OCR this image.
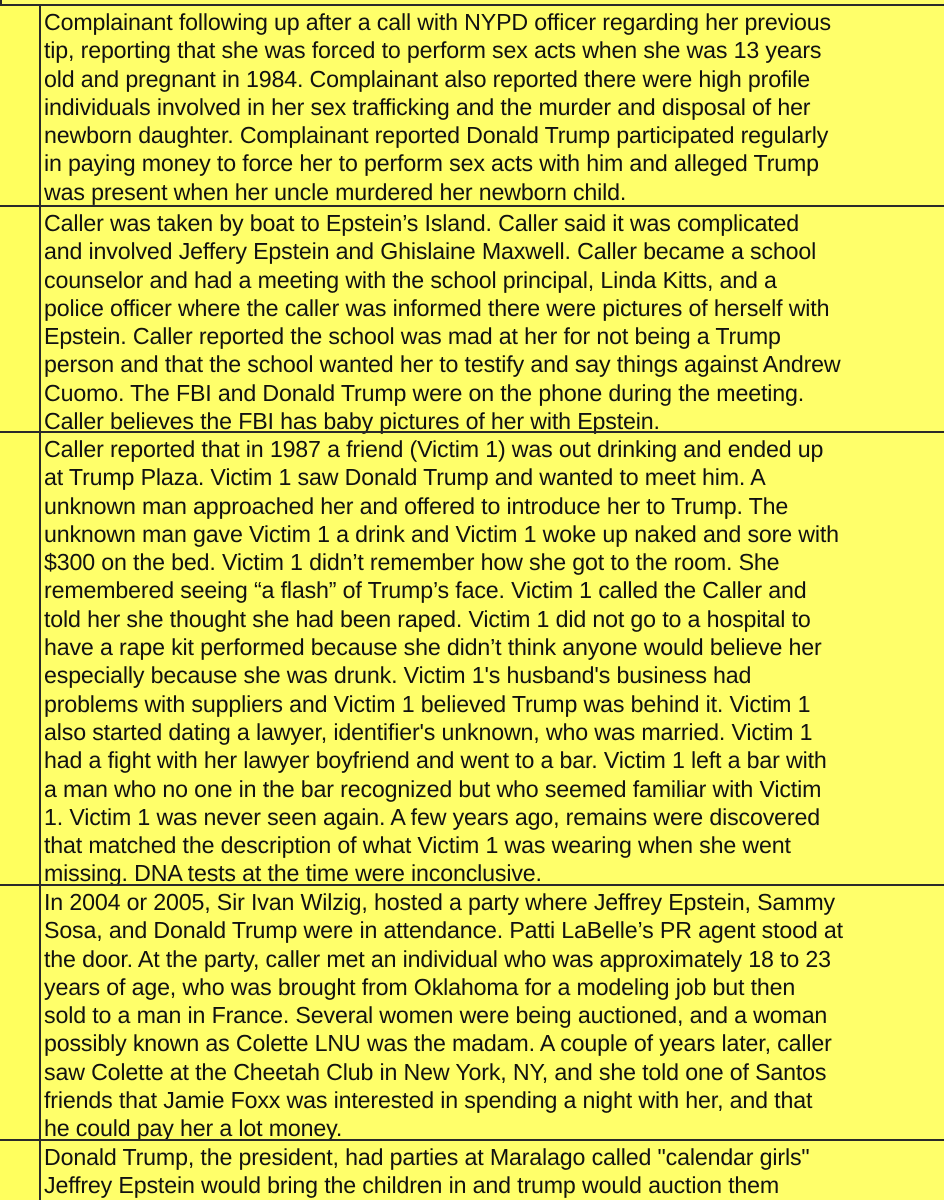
Complainant following up after a call with NYPD officer regarding her previous
tip, reporting that she was forced to perform sex acts when she was 13 years
old and pregnant in 1984. Complainant also reported there were high profile
individuals involved in her sex trafficking and the murder and disposal of her
newborn daughter. Complainant reported Donald Trump participated regularly
in paying money to force her to perform sex acts with him and alleged Trump
was present when her uncle murdered her newborn child.
Caller was taken by boat to Epstein’s Island. Caller said it was complicated
and involved Jeffery Epstein and Ghislaine Maxwell. Caller became a school
counselor and had a meeting with the school principal, Linda Kitts, and a
police officer where the caller was informed there were pictures of herself with
Epstein. Caller reported the school was mad at her for not being a Trump
person and that the school wanted her to testify and say things against Andrew
Cuomo. The FBI and Donald Trump were on the phone during the meeting.
Caller believes the FBI has baby pictures of her with Epstein.
Caller reported that in 1987 a friend (Victim 1) was out drinking and ended up
at Trump Plaza. Victim 1 saw Donald Trump and wanted to meet him. A
unknown man approached her and offered to introduce her to Trump. The
unknown man gave Victim 1 a drink and Victim 1 woke up naked and sore with
$300 on the bed. Victim 1 didn’t remember how she got to the room. She
remembered seeing “a flash” of Trump’s face. Victim 1 called the Caller and
told her she thought she had been raped. Victim 1 did not go to a hospital to
have a rape kit performed because she didn’t think anyone would believe her
especially because she was drunk. Victim 1's husband's business had
problems with suppliers and Victim 1 believed Trump was behind it. Victim 1
also started dating a lawyer, identifier's unknown, who was married. Victim 1
had a fight with her lawyer boyfriend and went to a bar. Victim 1 left a bar with
a man who no one in the bar recognized but who seemed familiar with Victim
1. Victim 1 was never seen again. A few years ago, remains were discovered
that matched the description of what Victim 1 was wearing when she went
missing. DNA tests at the time were inconclusive.
In 2004 or 2005, Sir Ivan Wilzig, hosted a party where Jeffrey Epstein, Sammy
Sosa, and Donald Trump were in attendance. Patti LaBelle’s PR agent stood at
the door. At the party, caller met an individual who was approximately 18 to 23
years of age, who was brought from Oklahoma for a modeling job but then
sold to a man in France. Several women were being auctioned, and a woman
possibly known as Colette LNU was the madam. A couple of years later, caller
saw Colette at the Cheetah Club in New York, NY, and she told one of Santos
friends that Jamie Foxx was interested in spending a night with her, and that
he could pay her a lot money.
Donald Trump, the president, had parties at Maralago called "calendar girls"
Jeffrey Epstein would bring the children in and trump would auction them
